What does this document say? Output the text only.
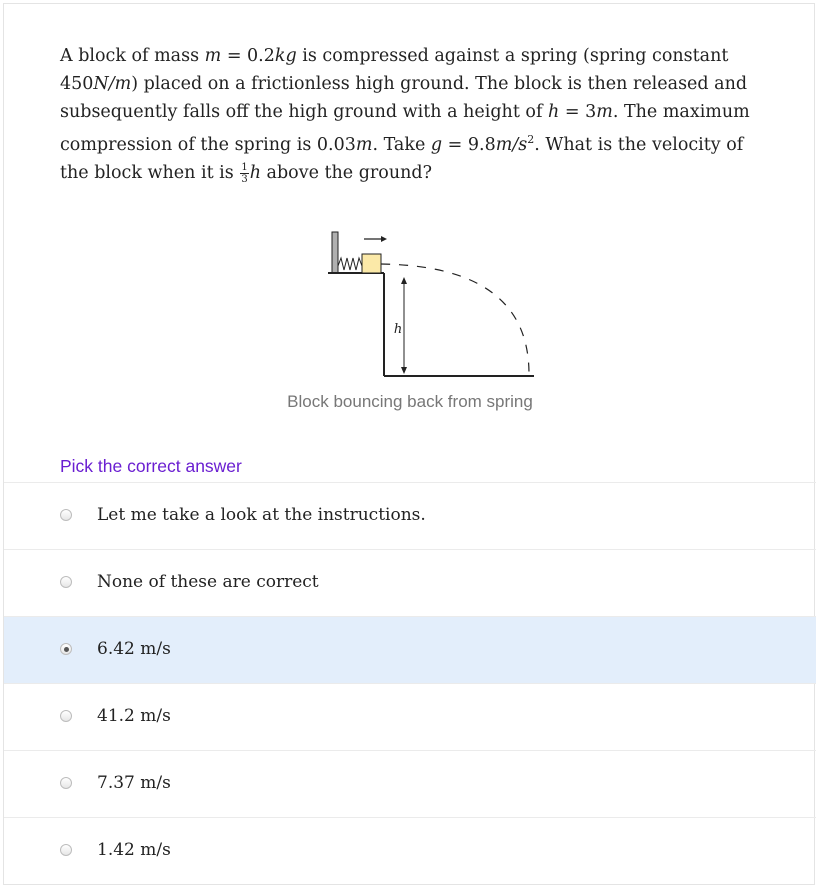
A block of mass m = 0.2kg is compressed against a spring (spring constant 450N/m) placed on a frictionless high ground. The block is then released and subsequently falls off the high ground with a height of h = 3m. The maximum compression of the spring is 0.03m. Take $g = 9.8m/s^2$. What is the velocity of the block when it is $\frac{1}{3}$ h above the ground?
h
Block bouncing back from spring
Pick the correct answer
Let me take a look at the instructions.
None of these are correct
6.42 m/s
41.2 m/s
7.37 m/s
1.42 m/s
